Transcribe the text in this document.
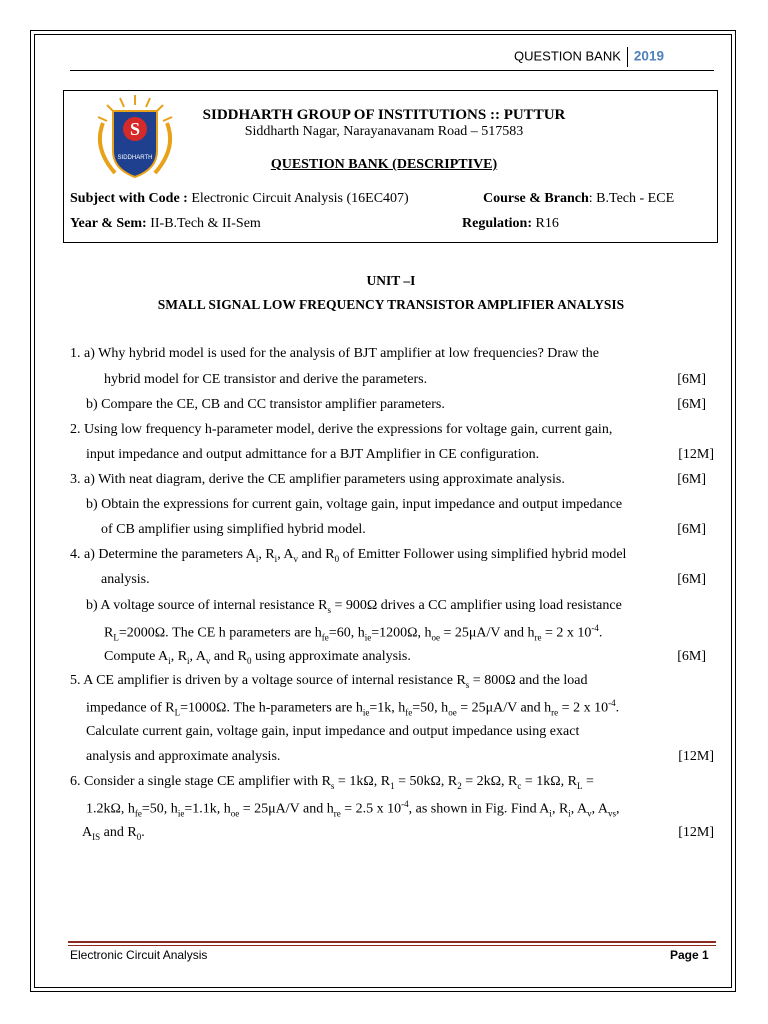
QUESTION BANK 2019
S
SIDDHARTH
SIDDHARTH GROUP OF INSTITUTIONS :: PUTTUR
Siddharth Nagar, Narayanavanam Road – 517583
QUESTION BANK (DESCRIPTIVE)
Subject with Code : Electronic Circuit Analysis (16EC407)	Course & Branch: B.Tech - ECE
Year & Sem: II-B.Tech & II-Sem	Regulation: R16
UNIT –I
SMALL SIGNAL LOW FREQUENCY TRANSISTOR AMPLIFIER ANALYSIS
1. a) Why hybrid model is used for the analysis of BJT amplifier at low frequencies? Draw the
hybrid model for CE transistor and derive the parameters.	[6M]
b) Compare the CE, CB and CC transistor amplifier parameters.	[6M]
2. Using low frequency h-parameter model, derive the expressions for voltage gain, current gain,
input impedance and output admittance for a BJT Amplifier in CE configuration.	[12M]
3. a) With neat diagram, derive the CE amplifier parameters using approximate analysis.	[6M]
b) Obtain the expressions for current gain, voltage gain, input impedance and output impedance
of CB amplifier using simplified hybrid model.	[6M]
4. a) Determine the parameters $A_i$, $R_i$, $A_v$ and $R_0$ of Emitter Follower using simplified hybrid model
analysis.	[6M]
b) A voltage source of internal resistance $R_s = 900\Omega$ drives a CC amplifier using load resistance
$R_L=2000\Omega$. The CE h parameters are $h_{fe}=60$, $h_{ie}=1200\Omega$, $h_{oe} = 25\mu A/V$ and $h_{re} = 2$ x $10^{-4}$.
Compute $A_i$, $R_i$, $A_v$ and $R_0$ using approximate analysis.	[6M]
5. A CE amplifier is driven by a voltage source of internal resistance $R_s = 800\Omega$ and the load
impedance of $R_L=1000\Omega$. The h-parameters are $h_{ie}=1k$, $h_{fe}=50$, $h_{oe} = 25\mu A/V$ and $h_{re} = 2$ x $10^{-4}$.
Calculate current gain, voltage gain, input impedance and output impedance using exact
analysis and approximate analysis.	[12M]
6. Consider a single stage CE amplifier with $R_s = 1k\Omega$, $R_1 = 50k\Omega$, $R_2 = 2k\Omega$, $R_c = 1k\Omega$, $R_L$ =
1.2kΩ, $h_{fe}=50$, $h_{ie}=1.1k$, $h_{oe} = 25\mu A/V$ and $h_{re} = 2.5$ x $10^{-4}$, as shown in Fig. Find $A_i$, $R_i$, $A_v$, $A_{vs}$,
$A_{IS}$ and $R_0$.	[12M]
Electronic Circuit Analysis	Page 1
